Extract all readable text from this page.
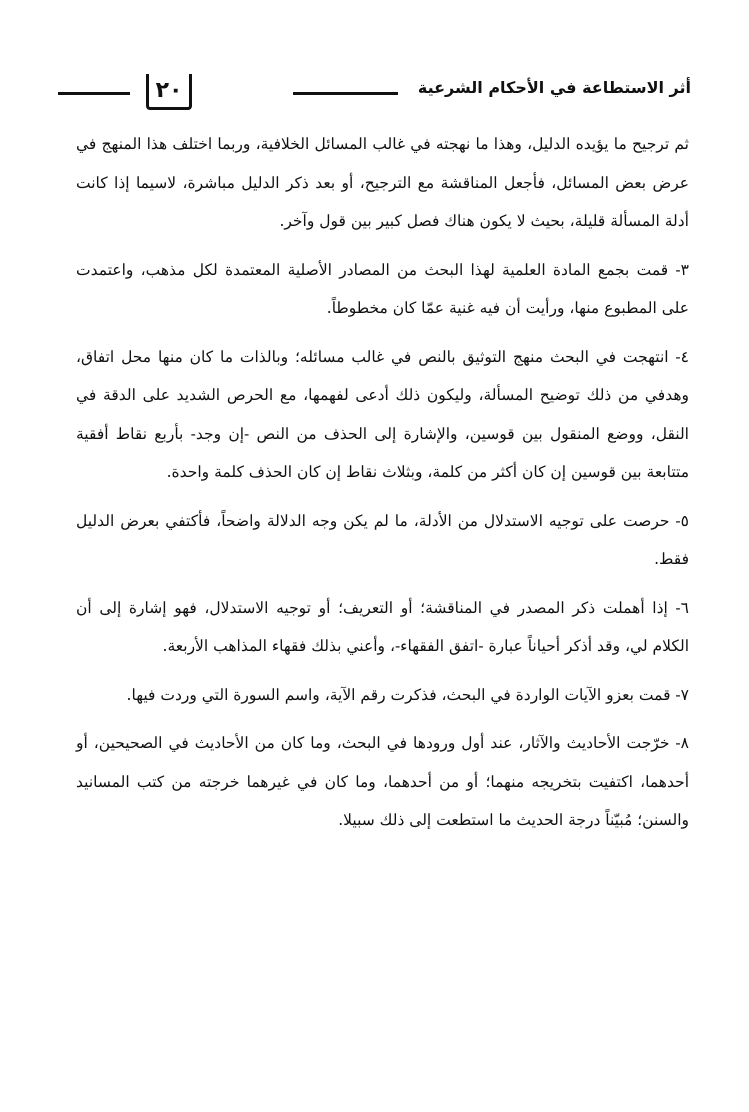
أثر الاستطاعة في الأحكام الشرعية
٢٠

ثم ترجيح ما يؤيده الدليل، وهذا ما نهجته في غالب المسائل الخلافية، وربما اختلف هذا المنهج في عرض بعض المسائل، فأجعل المناقشة مع الترجيح، أو بعد ذكر الدليل مباشرة، لاسيما إذا كانت أدلة المسألة قليلة، بحيث لا يكون هناك فصل كبير بين قول وآخر.

٣- قمت بجمع المادة العلمية لهذا البحث من المصادر الأصلية المعتمدة لكل مذهب، واعتمدت على المطبوع منها، ورأيت أن فيه غنية عمّا كان مخطوطاً.

٤- انتهجت في البحث منهج التوثيق بالنص في غالب مسائله؛ وبالذات ما كان منها محل اتفاق، وهدفي من ذلك توضيح المسألة، وليكون ذلك أدعى لفهمها، مع الحرص الشديد على الدقة في النقل، ووضع المنقول بين قوسين، والإشارة إلى الحذف من النص -إن وجد- بأربع نقاط أفقية متتابعة بين قوسين إن كان أكثر من كلمة، وبثلاث نقاط إن كان الحذف كلمة واحدة.

٥- حرصت على توجيه الاستدلال من الأدلة، ما لم يكن وجه الدلالة واضحاً، فأكتفي بعرض الدليل فقط.

٦- إذا أهملت ذكر المصدر في المناقشة؛ أو التعريف؛ أو توجيه الاستدلال، فهو إشارة إلى أن الكلام لي، وقد أذكر أحياناً عبارة -اتفق الفقهاء-، وأعني بذلك فقهاء المذاهب الأربعة.

٧- قمت بعزو الآيات الواردة في البحث، فذكرت رقم الآية، واسم السورة التي وردت فيها.

٨- خرّجت الأحاديث والآثار، عند أول ورودها في البحث، وما كان من الأحاديث في الصحيحين، أو أحدهما، اكتفيت بتخريجه منهما؛ أو من أحدهما، وما كان في غيرهما خرجته من كتب المسانيد والسنن؛ مُبيّناً درجة الحديث ما استطعت إلى ذلك سبيلا.
